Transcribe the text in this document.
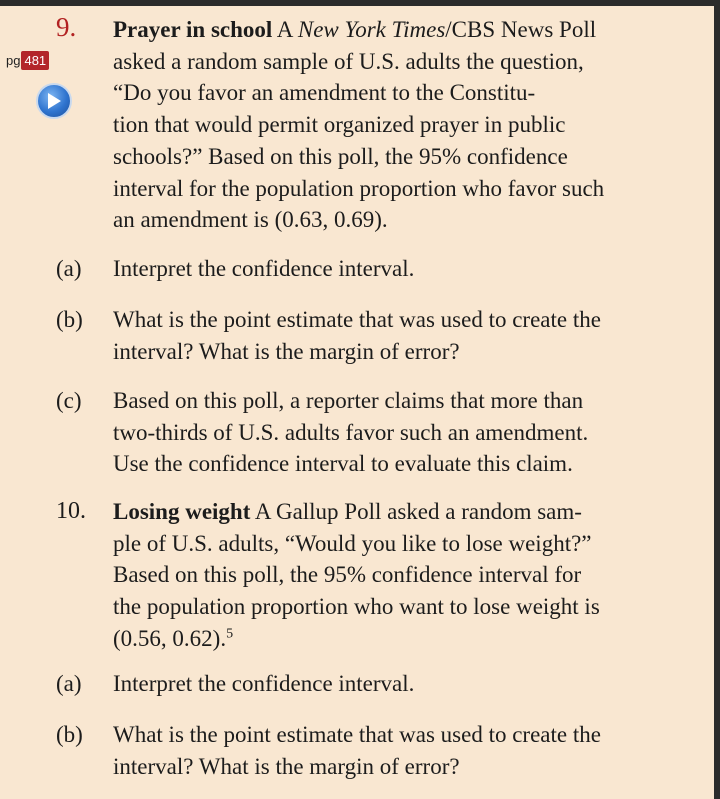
9.
pg 481
Prayer in school A New York Times/CBS News Poll
asked a random sample of U.S. adults the question,
“Do you favor an amendment to the Constitu-
tion that would permit organized prayer in public
schools?” Based on this poll, the 95% confidence
interval for the population proportion who favor such
an amendment is (0.63, 0.69).
(a) Interpret the confidence interval.
(b) What is the point estimate that was used to create the
interval? What is the margin of error?
(c) Based on this poll, a reporter claims that more than
two-thirds of U.S. adults favor such an amendment.
Use the confidence interval to evaluate this claim.
10. Losing weight A Gallup Poll asked a random sam-
ple of U.S. adults, “Would you like to lose weight?”
Based on this poll, the 95% confidence interval for
the population proportion who want to lose weight is
(0.56, 0.62).$^5$
(a) Interpret the confidence interval.
(b) What is the point estimate that was used to create the
interval? What is the margin of error?
